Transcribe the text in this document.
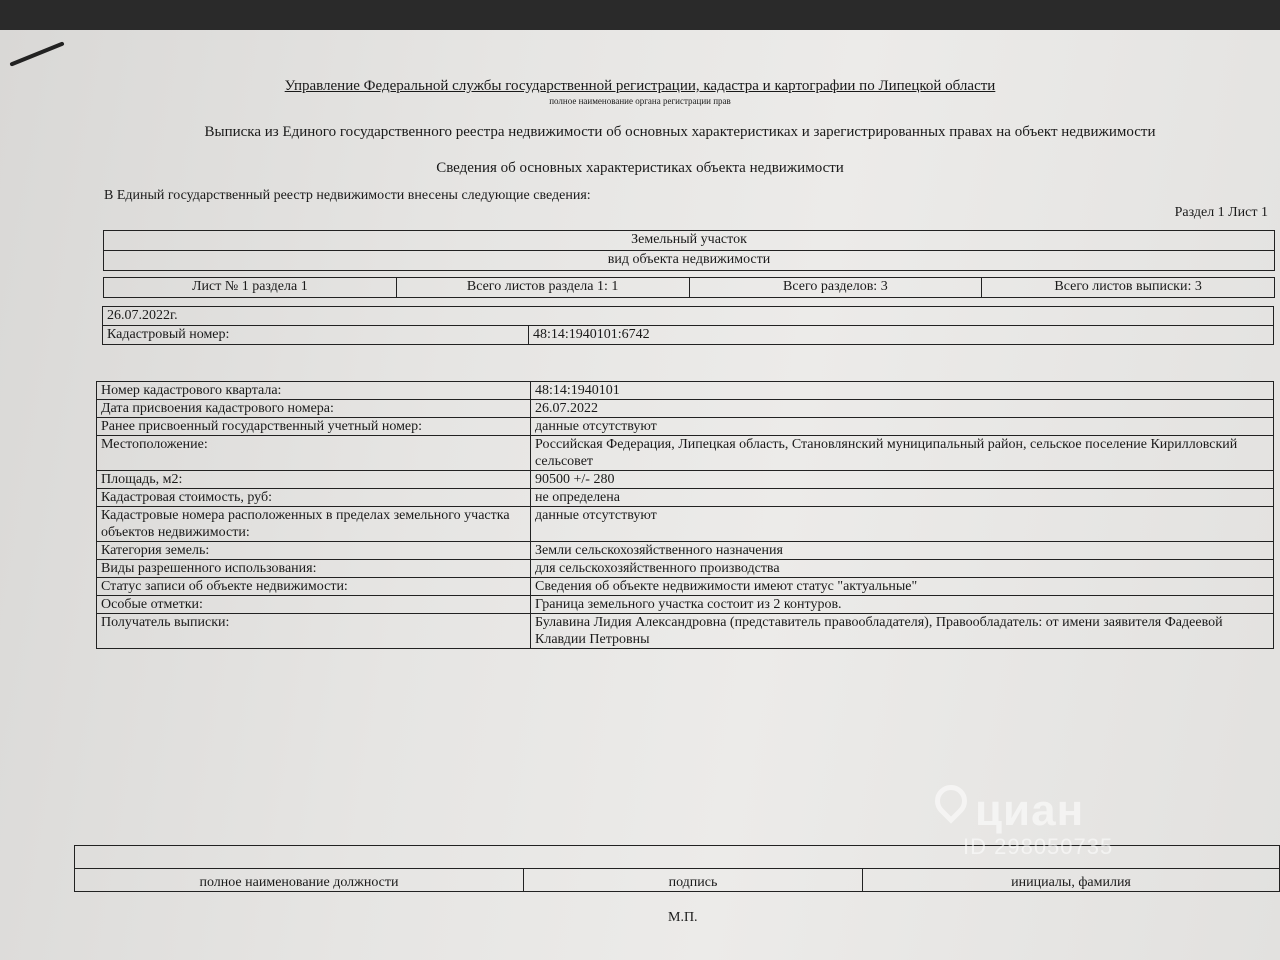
Управление Федеральной службы государственной регистрации, кадастра и картографии по Липецкой области
полное наименование органа регистрации прав
Выписка из Единого государственного реестра недвижимости об основных характеристиках и зарегистрированных правах на объект недвижимости
Сведения об основных характеристиках объекта недвижимости
В Единый государственный реестр недвижимости внесены следующие сведения:
Раздел 1 Лист 1
Земельный участок
вид объекта недвижимости
Лист № 1 раздела 1	Всего листов раздела 1: 1	Всего разделов: 3	Всего листов выписки: 3
26.07.2022г.
Кадастровый номер:	48:14:1940101:6742
Номер кадастрового квартала:	48:14:1940101
Дата присвоения кадастрового номера:	26.07.2022
Ранее присвоенный государственный учетный номер:	данные отсутствуют
Местоположение:	Российская Федерация, Липецкая область, Становлянский муниципальный район, сельское поселение Кирилловский сельсовет
Площадь, м2:	90500 +/- 280
Кадастровая стоимость, руб:	не определена
Кадастровые номера расположенных в пределах земельного участка объектов недвижимости:	данные отсутствуют
Категория земель:	Земли сельскохозяйственного назначения
Виды разрешенного использования:	для сельскохозяйственного производства
Статус записи об объекте недвижимости:	Сведения об объекте недвижимости имеют статус "актуальные"
Особые отметки:	Граница земельного участка состоит из 2 контуров.
Получатель выписки:	Булавина Лидия Александровна (представитель правообладателя), Правообладатель: от имени заявителя Фадеевой Клавдии Петровны

полное наименование должности	подпись	инициалы, фамилия
М.П.
циан
ID 298050735
